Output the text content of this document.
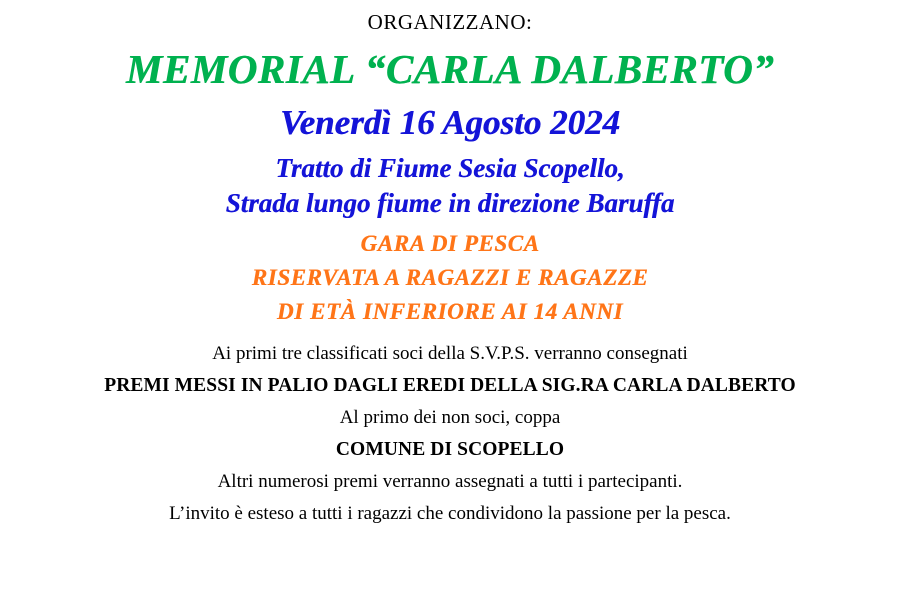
ORGANIZZANO:
MEMORIAL “CARLA DALBERTO”
Venerdì 16 Agosto 2024
Tratto di Fiume Sesia Scopello,
Strada lungo fiume in direzione Baruffa
GARA DI PESCA
RISERVATA A RAGAZZI E RAGAZZE
DI ETÀ INFERIORE AI 14 ANNI
Ai primi tre classificati soci della S.V.P.S. verranno consegnati
PREMI MESSI IN PALIO DAGLI EREDI DELLA SIG.RA CARLA DALBERTO
Al primo dei non soci, coppa
COMUNE DI SCOPELLO
Altri numerosi premi verranno assegnati a tutti i partecipanti.
L’invito è esteso a tutti i ragazzi che condividono la passione per la pesca.
